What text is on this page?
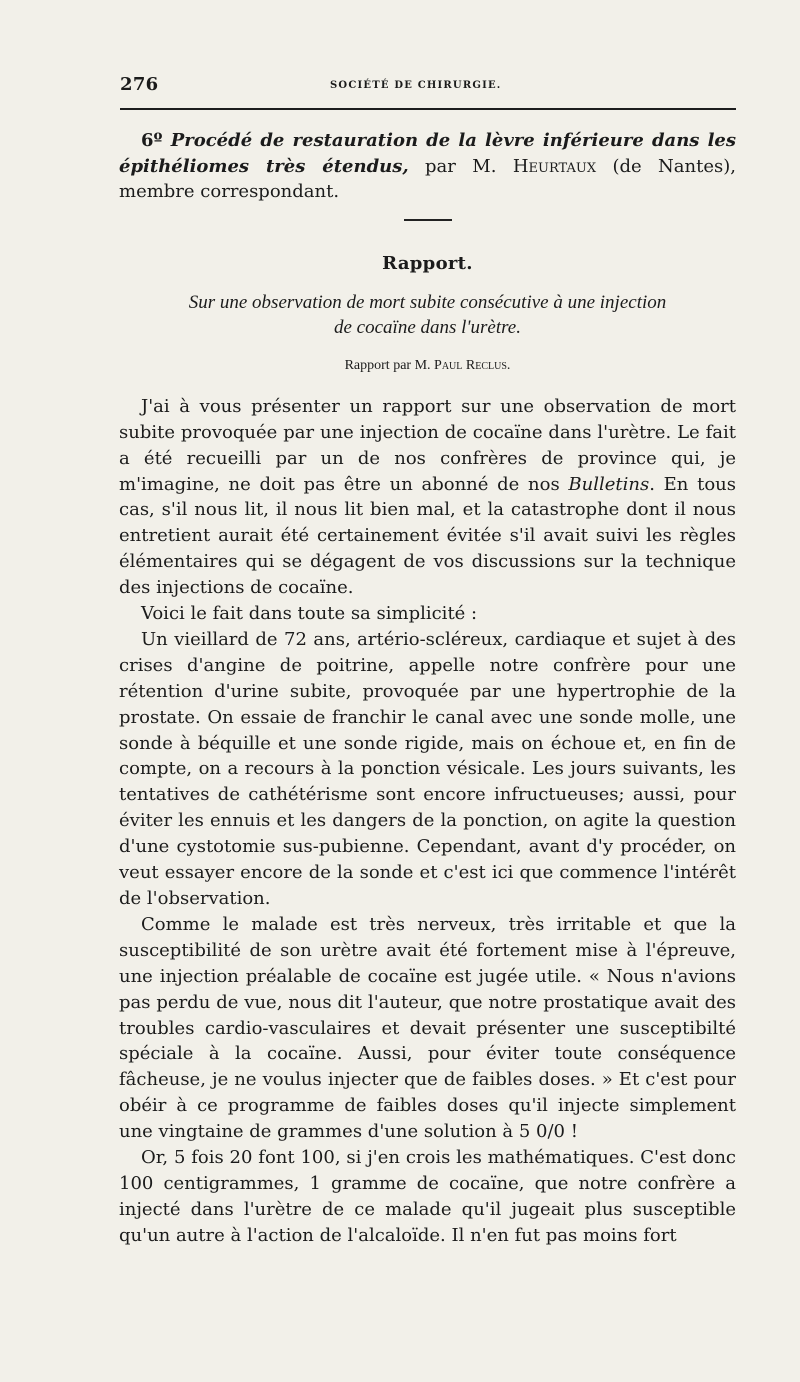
276	SOCIÉTÉ DE CHIRURGIE.

6º Procédé de restauration de la lèvre inférieure dans les épithéliomes très étendus, par M. Heurtaux (de Nantes), membre correspondant.

Rapport.

Sur une observation de mort subite consécutive à une injection
de cocaïne dans l'urètre.

Rapport par M. Paul Reclus.

J'ai à vous présenter un rapport sur une observation de mort subite provoquée par une injection de cocaïne dans l'urètre. Le fait a été recueilli par un de nos confrères de province qui, je m'imagine, ne doit pas être un abonné de nos Bulletins. En tous cas, s'il nous lit, il nous lit bien mal, et la catastrophe dont il nous entretient aurait été certainement évitée s'il avait suivi les règles élémentaires qui se dégagent de vos discussions sur la technique des injections de cocaïne.

Voici le fait dans toute sa simplicité :

Un vieillard de 72 ans, artério-scléreux, cardiaque et sujet à des crises d'angine de poitrine, appelle notre confrère pour une rétention d'urine subite, provoquée par une hypertrophie de la prostate. On essaie de franchir le canal avec une sonde molle, une sonde à béquille et une sonde rigide, mais on échoue et, en fin de compte, on a recours à la ponction vésicale. Les jours suivants, les tentatives de cathétérisme sont encore infructueuses; aussi, pour éviter les ennuis et les dangers de la ponction, on agite la question d'une cystotomie sus-pubienne. Cependant, avant d'y procéder, on veut essayer encore de la sonde et c'est ici que commence l'intérêt de l'observation.

Comme le malade est très nerveux, très irritable et que la susceptibilité de son urètre avait été fortement mise à l'épreuve, une injection préalable de cocaïne est jugée utile. « Nous n'avions pas perdu de vue, nous dit l'auteur, que notre prostatique avait des troubles cardio-vasculaires et devait présenter une susceptibilté spéciale à la cocaïne. Aussi, pour éviter toute conséquence fâcheuse, je ne voulus injecter que de faibles doses. » Et c'est pour obéir à ce programme de faibles doses qu'il injecte simplement une vingtaine de grammes d'une solution à 5 0/0 !

Or, 5 fois 20 font 100, si j'en crois les mathématiques. C'est donc 100 centigrammes, 1 gramme de cocaïne, que notre confrère a injecté dans l'urètre de ce malade qu'il jugeait plus susceptible qu'un autre à l'action de l'alcaloïde. Il n'en fut pas moins fort
